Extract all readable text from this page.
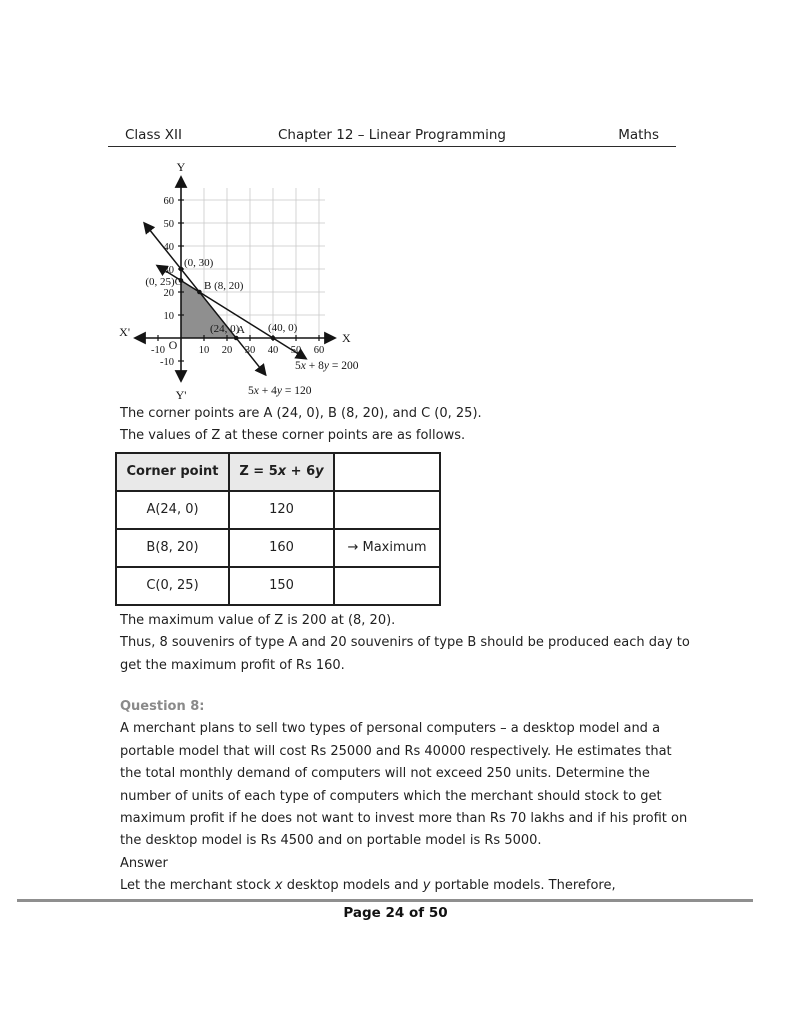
Class XII	Chapter 12 – Linear Programming	Maths
Y
Y'
X
X'
O
-10	10 20 30 40 50 60
-10
10
20
30
40
50
60
(0, 30)
(0, 25)C B (8, 20)
(24, 0)
A (40, 0)
5x + 8y = 200
5x + 4y = 120

The corner points are A (24, 0), B (8, 20), and C (0, 25).

The values of Z at these corner points are as follows.

Corner point	Z = 5x + 6y	
A(24, 0)	120	
B(8, 20)	160	→ Maximum
C(0, 25)	150	

The maximum value of Z is 200 at (8, 20).

Thus, 8 souvenirs of type A and 20 souvenirs of type B should be produced each day to get the maximum profit of Rs 160.

Question 8:

A merchant plans to sell two types of personal computers – a desktop model and a portable model that will cost Rs 25000 and Rs 40000 respectively. He estimates that the total monthly demand of computers will not exceed 250 units. Determine the number of units of each type of computers which the merchant should stock to get maximum profit if he does not want to invest more than Rs 70 lakhs and if his profit on the desktop model is Rs 4500 and on portable model is Rs 5000.

Answer

Let the merchant stock x desktop models and y portable models. Therefore,

Page 24 of 50
